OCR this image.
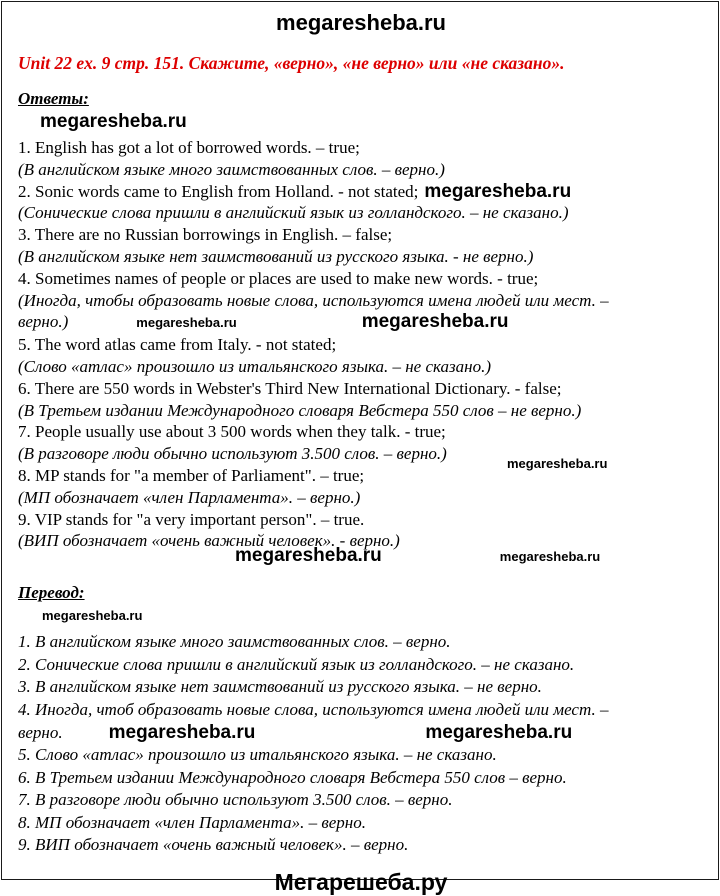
megaresheba.ru
Unit 22 ex. 9 стр. 151. Скажите, «верно», «не верно» или «не сказано».
Ответы:
megaresheba.ru

1. English has got a lot of borrowed words. – true;

(В английском языке много заимствованных слов. – верно.)

2. Sonic words came to English from Holland. - not stated; megaresheba.ru

(Сонические слова пришли в английский язык из голландского. – не сказано.)

3. There are no Russian borrowings in English. – false;

(В английском языке нет заимствований из русского языка. - не верно.)

4. Sometimes names of people or places are used to make new words. - true;

(Иногда, чтобы образовать новые слова, используются имена людей или мест. –

верно.)	megaresheba.ru	megaresheba.ru

5. The word atlas came from Italy. - not stated;

(Слово «атлас» произошло из итальянского языка. – не сказано.)

6. There are 550 words in Webster's Third New International Dictionary. - false;

(В Третьем издании Международного словаря Вебстера 550 слов – не верно.)

7. People usually use about 3 500 words when they talk. - true;

(В разговоре люди обычно используют 3.500 слов. – верно.)
megaresheba.ru

8. MP stands for "a member of Parliament". – true;

(МП обозначает «член Парламента». – верно.)

9. VIP stands for "a very important person". – true.

(ВИП обозначает «очень важный человек». - верно.)

megaresheba.ru	megaresheba.ru
Перевод:
megaresheba.ru

1. В английском языке много заимствованных слов. – верно.

2. Сонические слова пришли в английский язык из голландского. – не сказано.

3. В английском языке нет заимствований из русского языка. – не верно.

4. Иногда, чтоб образовать новые слова, используются имена людей или мест. –

верно. megaresheba.ru	megaresheba.ru

5. Слово «атлас» произошло из итальянского языка. – не сказано.

6. В Третьем издании Международного словаря Вебстера 550 слов – верно.

7. В разговоре люди обычно используют 3.500 слов. – верно.

8. МП обозначает «член Парламента». – верно.

9. ВИП обозначает «очень важный человек». – верно.

Мегарешеба.ру
